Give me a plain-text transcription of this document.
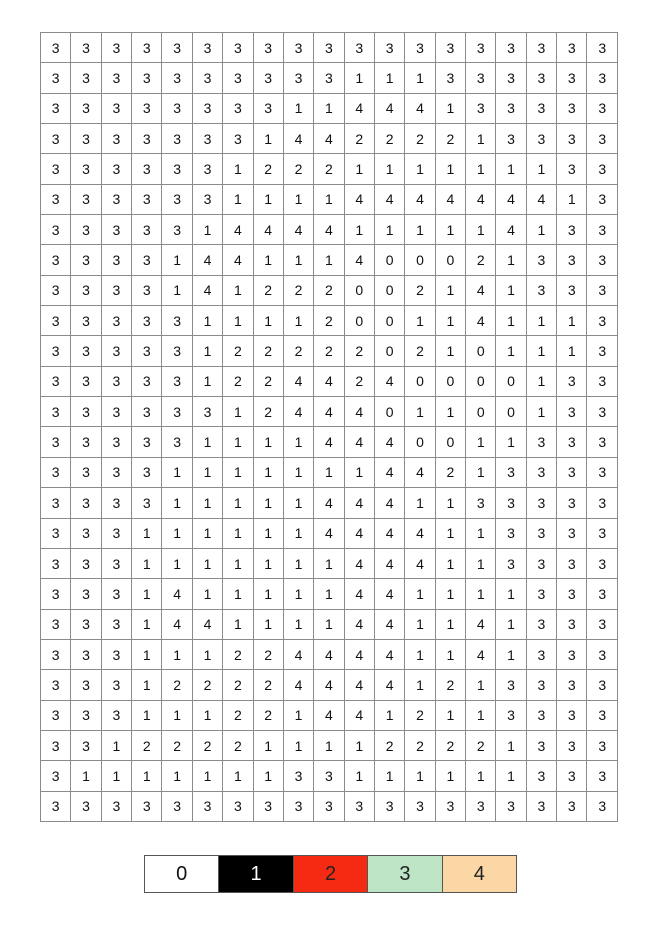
3	3	3	3	3	3	3	3	3	3	3	3	3	3	3	3	3	3	3
3	3	3	3	3	3	3	3	3	3	1	1	1	3	3	3	3	3	3
3	3	3	3	3	3	3	3	1	1	4	4	4	1	3	3	3	3	3
3	3	3	3	3	3	3	1	4	4	2	2	2	2	1	3	3	3	3
3	3	3	3	3	3	1	2	2	2	1	1	1	1	1	1	1	3	3
3	3	3	3	3	3	1	1	1	1	4	4	4	4	4	4	4	1	3
3	3	3	3	3	1	4	4	4	4	1	1	1	1	1	4	1	3	3
3	3	3	3	1	4	4	1	1	1	4	0	0	0	2	1	3	3	3
3	3	3	3	1	4	1	2	2	2	0	0	2	1	4	1	3	3	3
3	3	3	3	3	1	1	1	1	2	0	0	1	1	4	1	1	1	3
3	3	3	3	3	1	2	2	2	2	2	0	2	1	0	1	1	1	3
3	3	3	3	3	1	2	2	4	4	2	4	0	0	0	0	1	3	3
3	3	3	3	3	3	1	2	4	4	4	0	1	1	0	0	1	3	3
3	3	3	3	3	1	1	1	1	4	4	4	0	0	1	1	3	3	3
3	3	3	3	1	1	1	1	1	1	1	4	4	2	1	3	3	3	3
3	3	3	3	1	1	1	1	1	4	4	4	1	1	3	3	3	3	3
3	3	3	1	1	1	1	1	1	4	4	4	4	1	1	3	3	3	3
3	3	3	1	1	1	1	1	1	1	4	4	4	1	1	3	3	3	3
3	3	3	1	4	1	1	1	1	1	4	4	1	1	1	1	3	3	3
3	3	3	1	4	4	1	1	1	1	4	4	1	1	4	1	3	3	3
3	3	3	1	1	1	2	2	4	4	4	4	1	1	4	1	3	3	3
3	3	3	1	2	2	2	2	4	4	4	4	1	2	1	3	3	3	3
3	3	3	1	1	1	2	2	1	4	4	1	2	1	1	3	3	3	3
3	3	1	2	2	2	2	1	1	1	1	2	2	2	2	1	3	3	3
3	1	1	1	1	1	1	1	3	3	1	1	1	1	1	1	3	3	3
3	3	3	3	3	3	3	3	3	3	3	3	3	3	3	3	3	3	3
0	1	2	3	4
